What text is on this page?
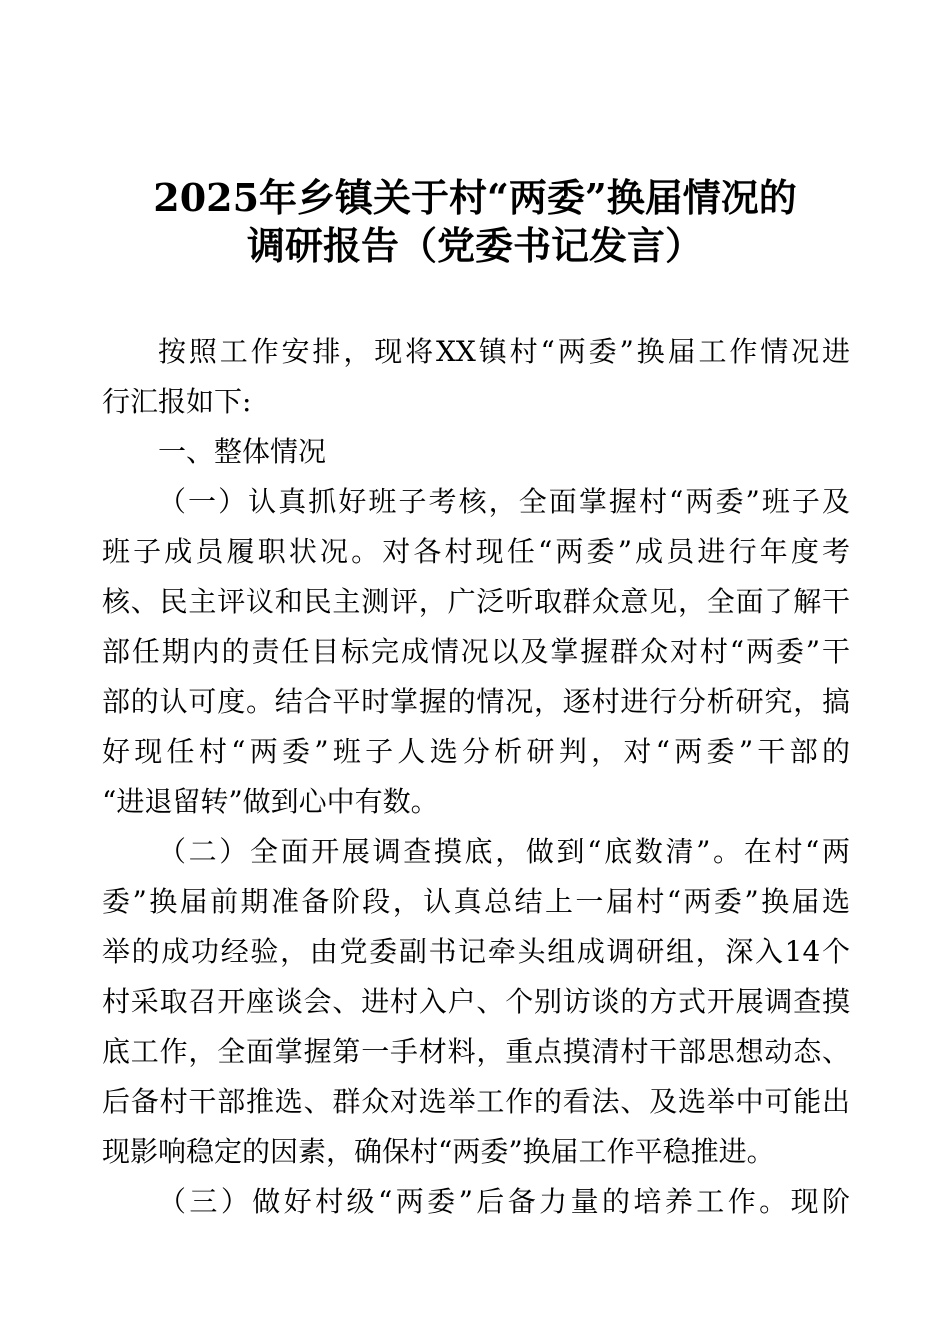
2025年乡镇关于村“两委”换届情况的
调研报告（党委书记发言）
按照工作安排，现将XX镇村“两委”换届工作情况进
行汇报如下:
一、整体情况
（一）认真抓好班子考核，全面掌握村“两委”班子及
班子成员履职状况。对各村现任“两委”成员进行年度考
核、民主评议和民主测评，广泛听取群众意见，全面了解干
部任期内的责任目标完成情况以及掌握群众对村“两委”干
部的认可度。结合平时掌握的情况，逐村进行分析研究，搞
好现任村“两委”班子人选分析研判，对“两委”干部的
“进退留转”做到心中有数。
（二）全面开展调查摸底，做到“底数清”。在村“两
委”换届前期准备阶段，认真总结上一届村“两委”换届选
举的成功经验，由党委副书记牵头组成调研组，深入14个
村采取召开座谈会、进村入户、个别访谈的方式开展调查摸
底工作，全面掌握第一手材料，重点摸清村干部思想动态、
后备村干部推选、群众对选举工作的看法、及选举中可能出
现影响稳定的因素，确保村“两委”换届工作平稳推进。
（三）做好村级“两委”后备力量的培养工作。现阶
